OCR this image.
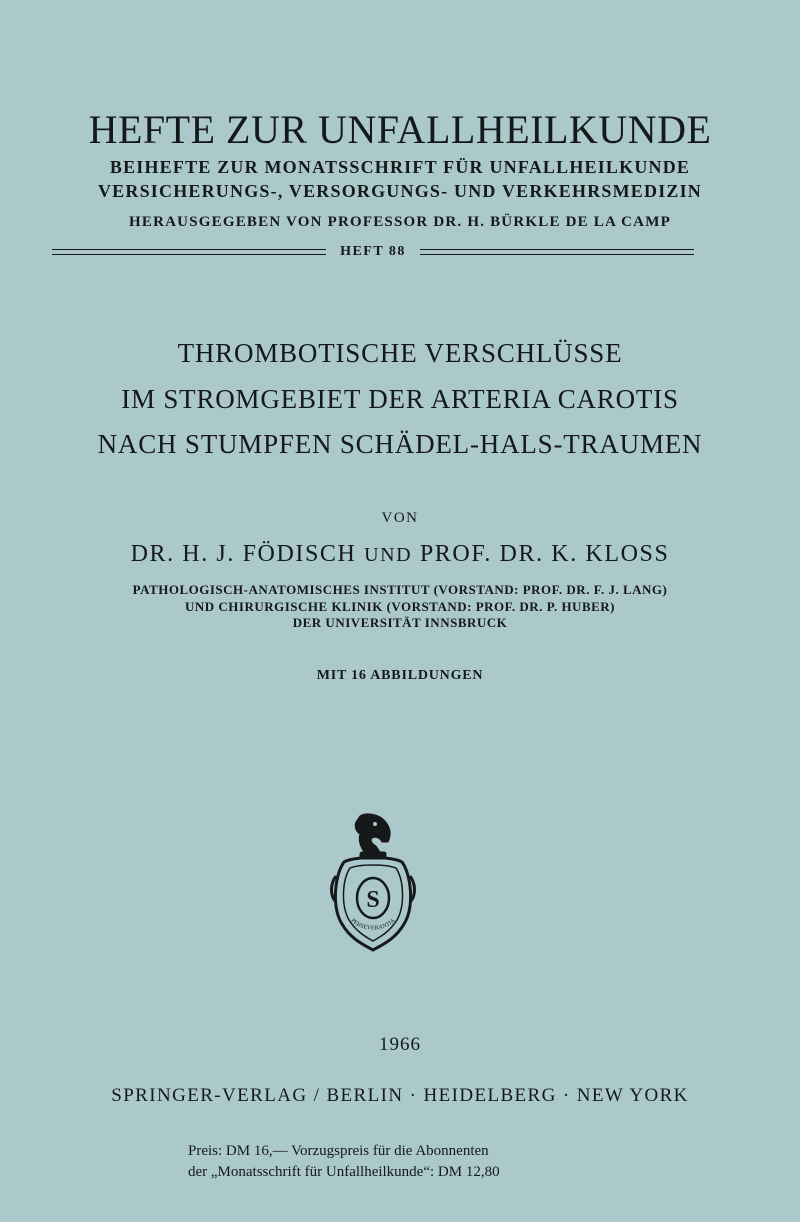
HEFTE ZUR UNFALLHEILKUNDE
BEIHEFTE ZUR MONATSSCHRIFT FÜR UNFALLHEILKUNDE
VERSICHERUNGS-, VERSORGUNGS- UND VERKEHRSMEDIZIN
HERAUSGEGEBEN VON PROFESSOR DR. H. BÜRKLE DE LA CAMP
HEFT 88
THROMBOTISCHE VERSCHLÜSSE
IM STROMGEBIET DER ARTERIA CAROTIS
NACH STUMPFEN SCHÄDEL-HALS-TRAUMEN
VON
DR. H. J. FÖDISCH UND PROF. DR. K. KLOSS
PATHOLOGISCH-ANATOMISCHES INSTITUT (VORSTAND: PROF. DR. F. J. LANG)
UND CHIRURGISCHE KLINIK (VORSTAND: PROF. DR. P. HUBER)
DER UNIVERSITÄT INNSBRUCK
MIT 16 ABBILDUNGEN
S
PERSEVERANTIA
1966
SPRINGER-VERLAG / BERLIN · HEIDELBERG · NEW YORK
Preis: DM 16,— Vorzugspreis für die Abonnenten
der „Monatsschrift für Unfallheilkunde“: DM 12,80
